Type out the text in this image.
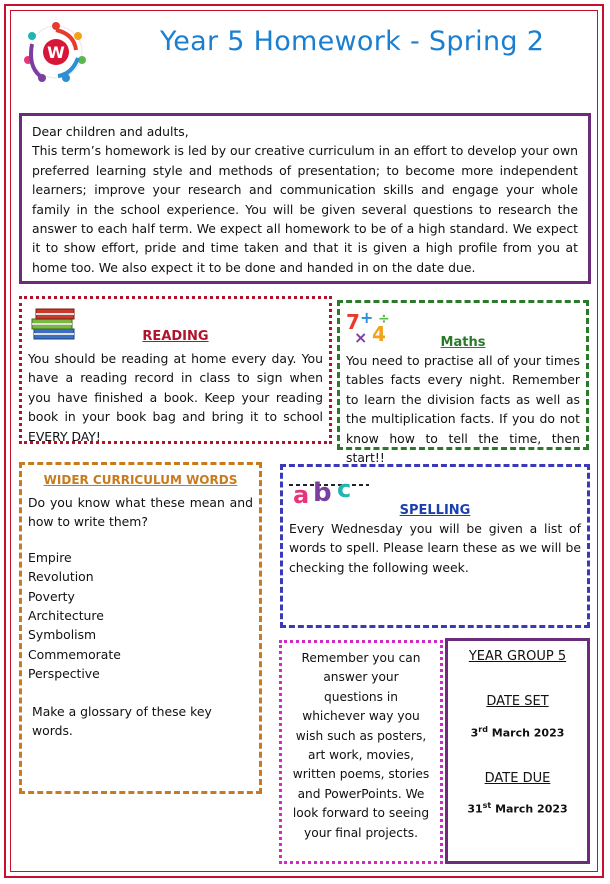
W	Year 5 Homework - Spring 2
Dear children and adults,
This term’s homework is led by our creative curriculum in an effort to develop your own preferred learning style and methods of presentation; to become more independent learners; improve your research and communication skills and engage your whole family in the school experience. You will be given several questions to research the answer to each half term. We expect all homework to be of a high standard. We expect it to show effort, pride and time taken and that it is given a high profile from you at home too. We also expect it to be done and handed in on the date due.
READING
You should be reading at home every day. You have a reading record in class to sign when you have finished a book. Keep your reading book in your book bag and bring it to school EVERY DAY!
7 +
4
×
÷
Maths
You need to practise all of your times tables facts every night. Remember to learn the division facts as well as the multiplication facts. If you do not know how to tell the time, then start!!
WIDER CURRICULUM WORDS
Do you know what these mean and how to write them?
Empire
Revolution
Poverty
Architecture
Symbolism
Commemorate
Perspective
Make a glossary of these key words.
a b c
SPELLING
Every Wednesday you will be given a list of words to spell. Please learn these as we will be checking the following week.
Remember you can answer your questions in whichever way you wish such as posters, art work, movies, written poems, stories and PowerPoints. We look forward to seeing your final projects.
YEAR GROUP 5
DATE SET
3rd March 2023
DATE DUE
31st March 2023
